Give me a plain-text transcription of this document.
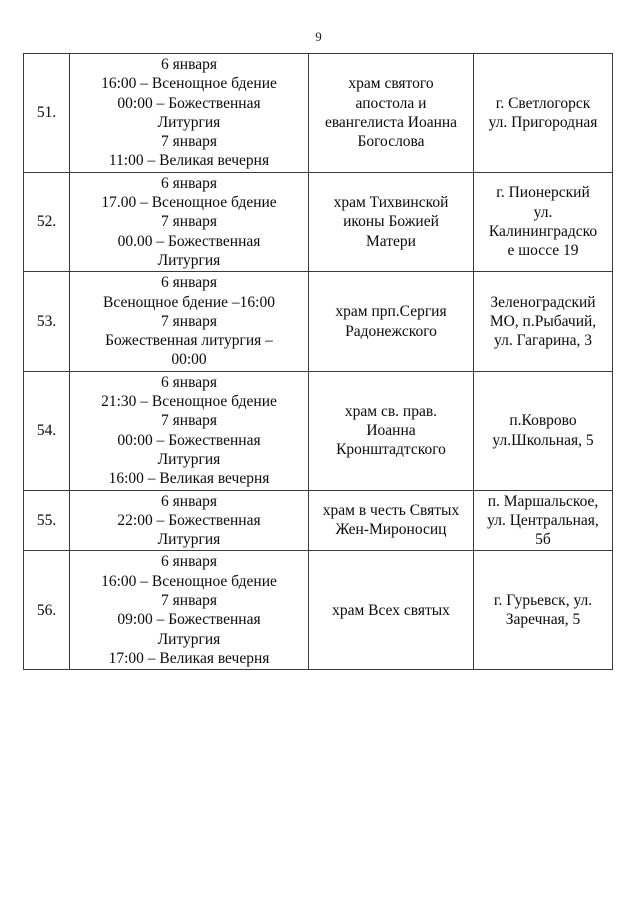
9
51.	
6 января
16:00 – Всенощное бдение
00:00 – Божественная
Литургия
7 января
11:00 – Великая вечерня

храм святого
апостола и
евангелиста Иоанна
Богослова

г. Светлогорск
ул. Пригородная

52.	
6 января
17.00 – Всенощное бдение
7 января
00.00 – Божественная
Литургия

храм Тихвинской
иконы Божией
Матери

г. Пионерский
ул.
Калининградско
е шоссе 19

53.	
6 января
Всенощное бдение –16:00
7 января
Божественная литургия –
00:00

храм прп.Сергия
Радонежского

Зеленоградский
МО, п.Рыбачий,
ул. Гагарина, 3

54.	
6 января
21:30 – Всенощное бдение
7 января
00:00 – Божественная
Литургия
16:00 – Великая вечерня

храм св. прав.
Иоанна
Кронштадтского

п.Коврово
ул.Школьная, 5

55.	
6 января
22:00 – Божественная
Литургия

храм в честь Святых
Жен-Мироносиц

п. Маршальское,
ул. Центральная,
5б

56.	
6 января
16:00 – Всенощное бдение
7 января
09:00 – Божественная
Литургия
17:00 – Великая вечерня

храм Всех святых

г. Гурьевск, ул.
Заречная, 5
